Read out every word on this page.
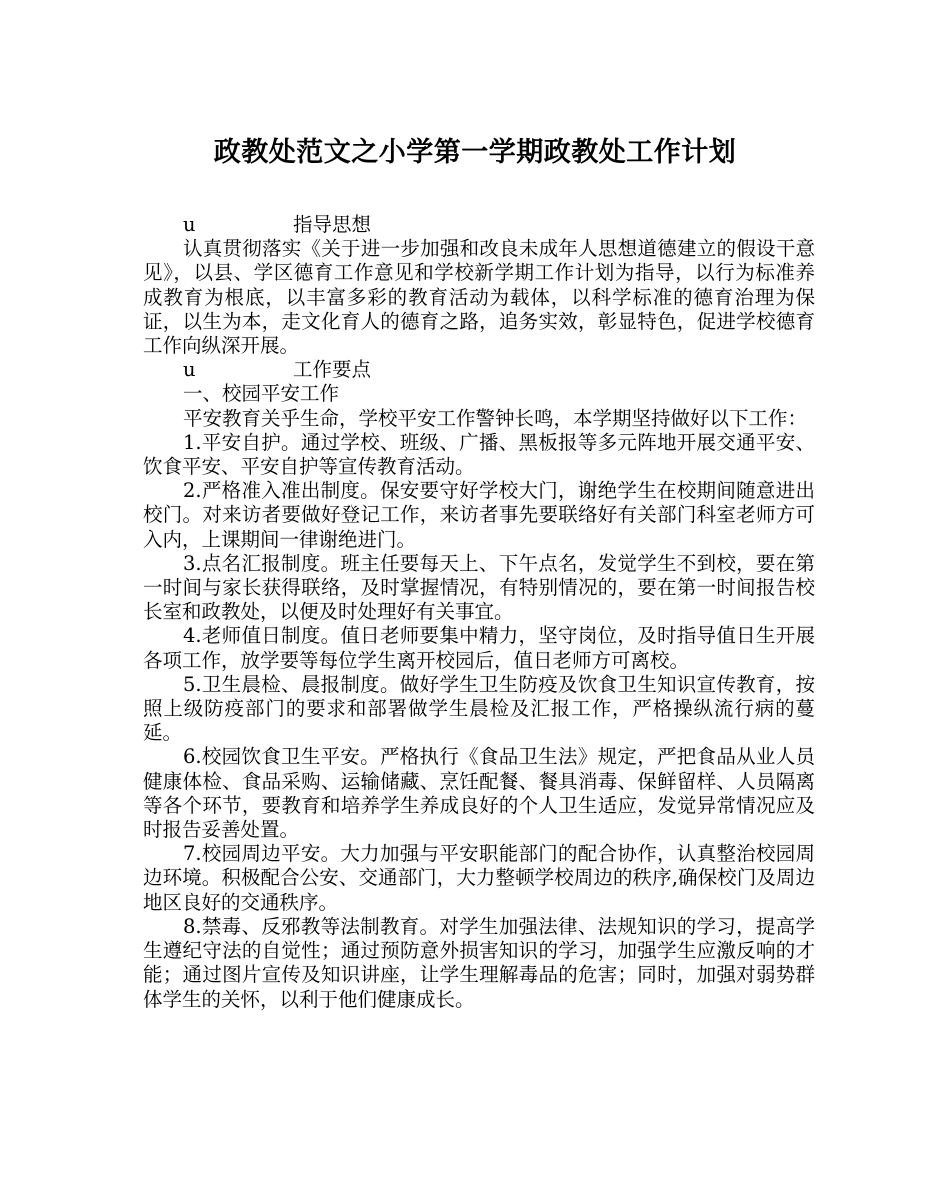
政教处范文之小学第一学期政教处工作计划
u	指导思想

认真贯彻落实《关于进一步加强和改良未成年人思想道德建立的假设干意见》，以县、学区德育工作意见和学校新学期工作计划为指导，以行为标准养成教育为根底，以丰富多彩的教育活动为载体，以科学标准的德育治理为保证，以生为本，走文化育人的德育之路，追务实效，彰显特色，促进学校德育工作向纵深开展。

u	工作要点

一、校园平安工作

平安教育关乎生命，学校平安工作警钟长鸣，本学期坚持做好以下工作：

1.平安自护。通过学校、班级、广播、黑板报等多元阵地开展交通平安、饮食平安、平安自护等宣传教育活动。

2.严格准入准出制度。保安要守好学校大门，谢绝学生在校期间随意进出校门。对来访者要做好登记工作，来访者事先要联络好有关部门科室老师方可入内，上课期间一律谢绝进门。

3.点名汇报制度。班主任要每天上、下午点名，发觉学生不到校，要在第一时间与家长获得联络，及时掌握情况，有特别情况的，要在第一时间报告校长室和政教处，以便及时处理好有关事宜。

4.老师值日制度。值日老师要集中精力，坚守岗位，及时指导值日生开展各项工作，放学要等每位学生离开校园后，值日老师方可离校。

5.卫生晨检、晨报制度。做好学生卫生防疫及饮食卫生知识宣传教育，按照上级防疫部门的要求和部署做学生晨检及汇报工作，严格操纵流行病的蔓延。

6.校园饮食卫生平安。严格执行《食品卫生法》规定，严把食品从业人员健康体检、食品采购、运输储藏、烹饪配餐、餐具消毒、保鲜留样、人员隔离等各个环节，要教育和培养学生养成良好的个人卫生适应，发觉异常情况应及时报告妥善处置。

7.校园周边平安。大力加强与平安职能部门的配合协作，认真整治校园周边环境。积极配合公安、交通部门，大力整顿学校周边的秩序,确保校门及周边地区良好的交通秩序。

8.禁毒、反邪教等法制教育。对学生加强法律、法规知识的学习，提高学生遵纪守法的自觉性；通过预防意外损害知识的学习，加强学生应激反响的才能；通过图片宣传及知识讲座，让学生理解毒品的危害；同时，加强对弱势群体学生的关怀，以利于他们健康成长。
